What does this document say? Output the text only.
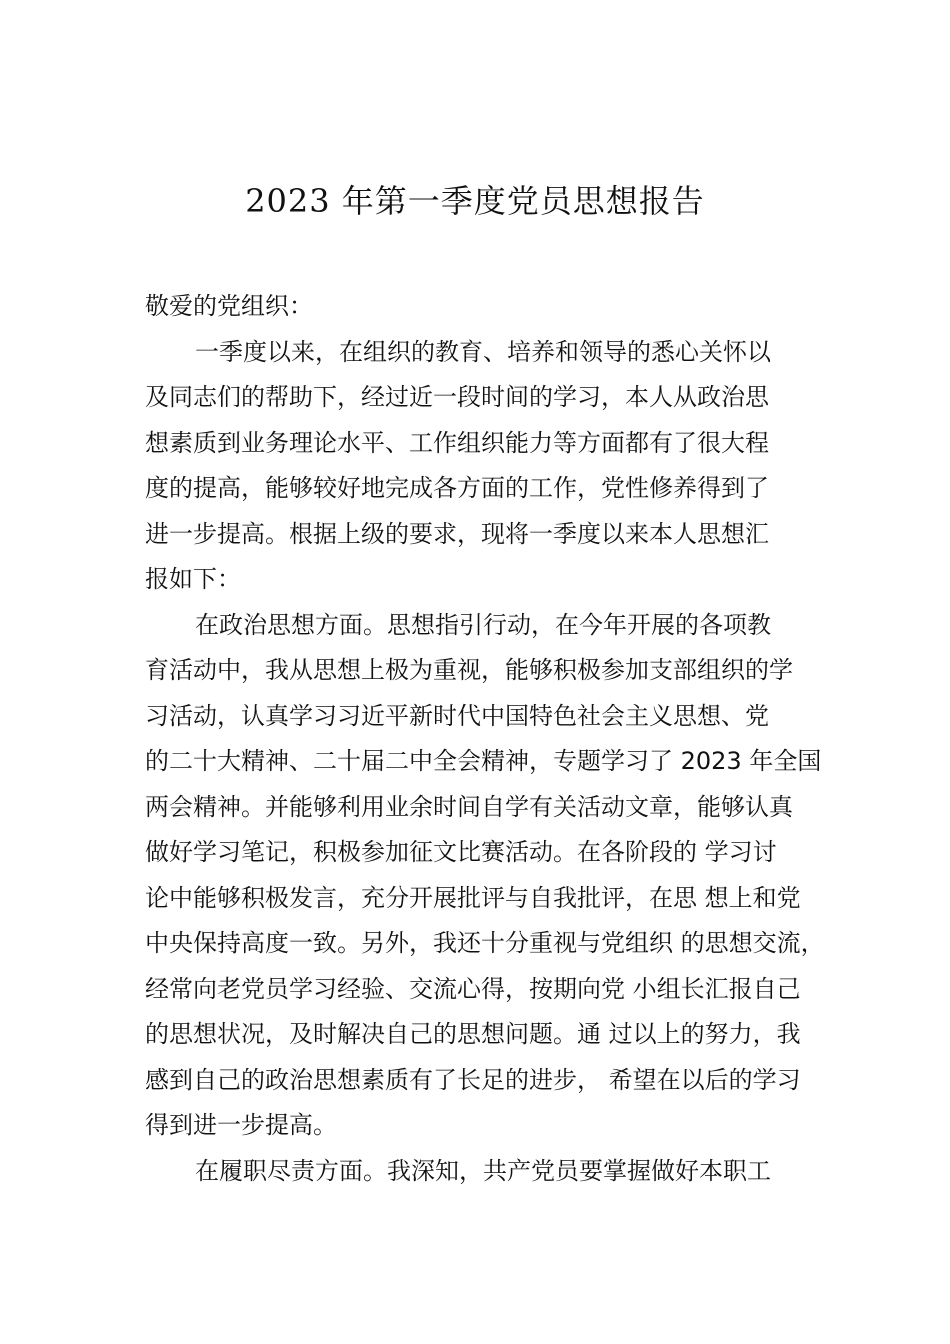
2023 年第一季度党员思想报告
敬爱的党组织：
一季度以来，在组织的教育、培养和领导的悉心关怀以
及同志们的帮助下，经过近一段时间的学习，本人从政治思
想素质到业务理论水平、工作组织能力等方面都有了很大程
度的提高，能够较好地完成各方面的工作，党性修养得到了
进一步提高。根据上级的要求，现将一季度以来本人思想汇
报如下：
在政治思想方面。思想指引行动，在今年开展的各项教
育活动中，我从思想上极为重视，能够积极参加支部组织的学
习活动，认真学习习近平新时代中国特色社会主义思想、党
的二十大精神、二十届二中全会精神，专题学习了 2023 年全国
两会精神。并能够利用业余时间自学有关活动文章，能够认真
做好学习笔记，积极参加征文比赛活动。在各阶段的 学习讨
论中能够积极发言，充分开展批评与自我批评，在思 想上和党
中央保持高度一致。另外，我还十分重视与党组织 的思想交流，
经常向老党员学习经验、交流心得，按期向党 小组长汇报自己
的思想状况，及时解决自己的思想问题。通 过以上的努力，我
感到自己的政治思想素质有了长足的进步， 希望在以后的学习
得到进一步提高。
在履职尽责方面。我深知，共产党员要掌握做好本职工
